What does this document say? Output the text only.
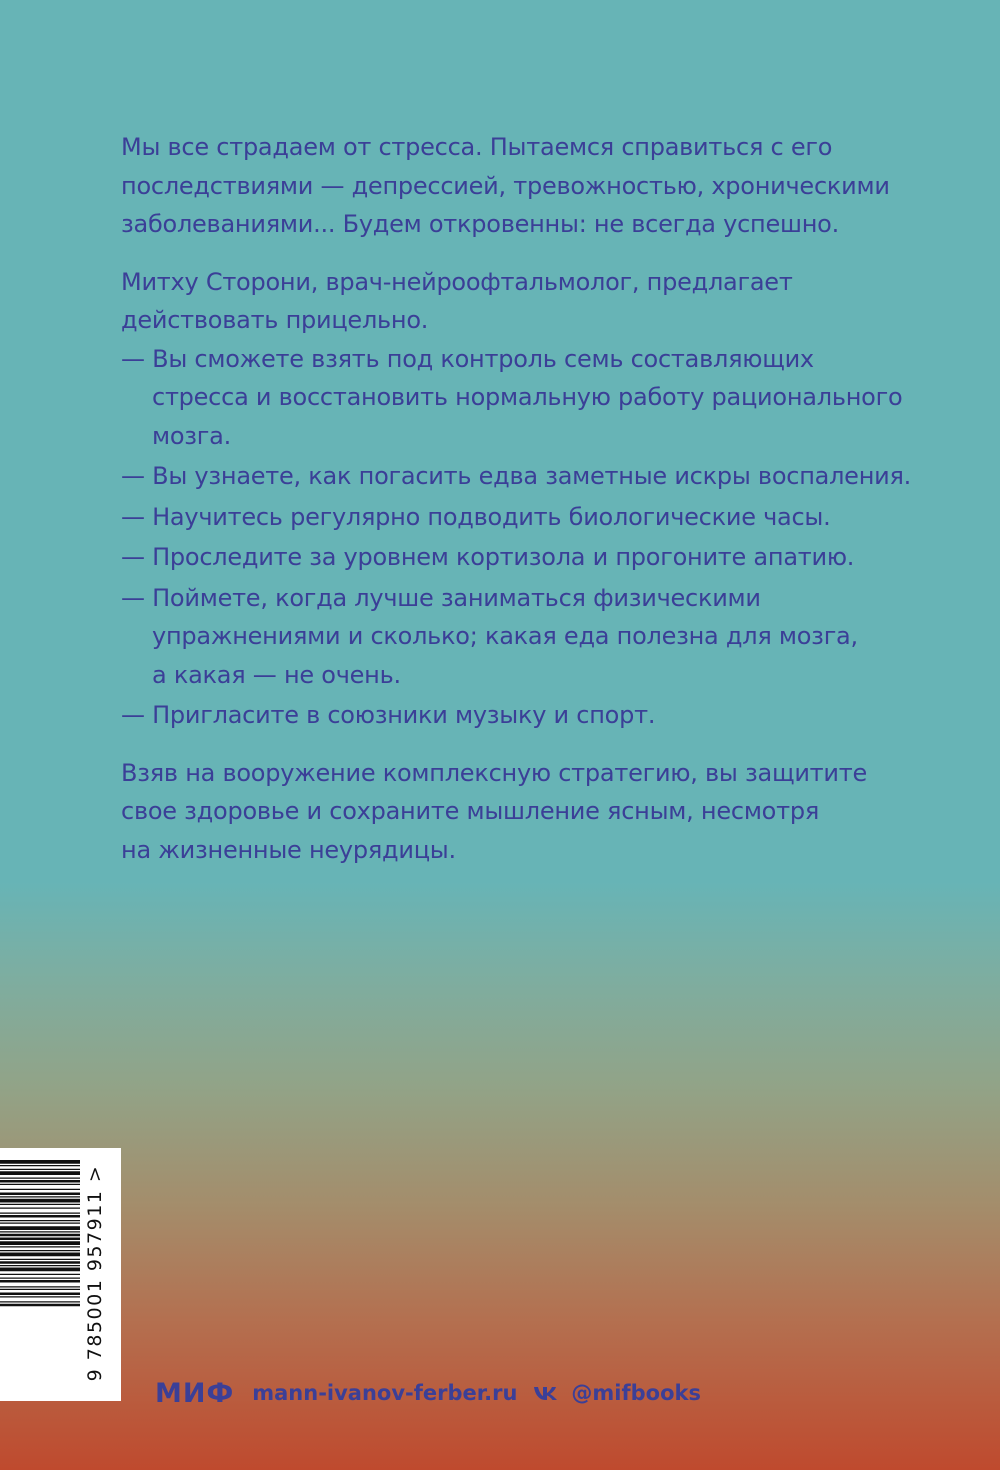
Мы все страдаем от стресса. Пытаемся справиться с его
последствиями — депрессией, тревожностью, хроническими
заболеваниями... Будем откровенны: не всегда успешно.

Митху Сторони, врач-нейроофтальмолог, предлагает
действовать прицельно.

— Вы сможете взять под контроль семь составляющих
стресса и восстановить нормальную работу рационального
мозга.
— Вы узнаете, как погасить едва заметные искры воспаления.
— Научитесь регулярно подводить биологические часы.
— Проследите за уровнем кортизола и прогоните апатию.
— Поймете, когда лучше заниматься физическими
упражнениями и сколько; какая еда полезна для мозга,
а какая — не очень.
— Пригласите в союзники музыку и спорт.

Взяв на вооружение комплексную стратегию, вы защитите
свое здоровье и сохраните мышление ясным, несмотря
на жизненные неурядицы.

9 785001 957911 >
МИФ mann-ivanov-ferber.ru	@mifbooks
